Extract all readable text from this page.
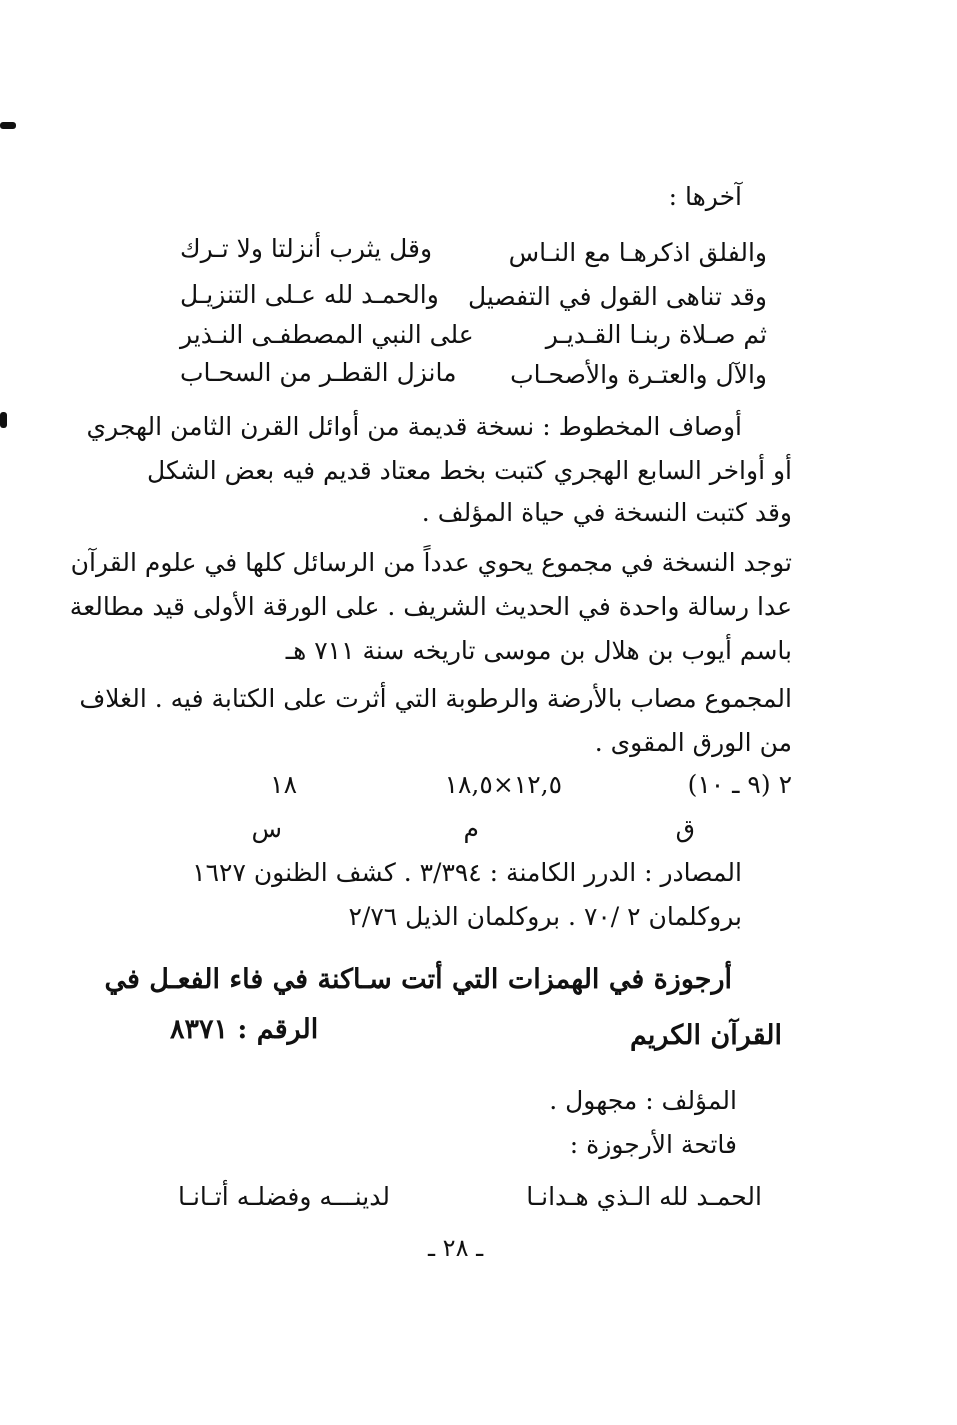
آخرها :
والفلق اذكرهـا مع النـاس
وقل يثرب أنزلتا ولا تـرك
وقد تناهى القول في التفصيل
والحمـد لله عـلى التنزيـل
ثم صـلاة ربنـا القـديـر
على النبي المصطفـى النـذير
والآل والعتـرة والأصحـاب
مانزل القطـر من السحـاب
أوصاف المخطوط : نسخة قديمة من أوائل القرن الثامن الهجري
أو أواخر السابع الهجري كتبت بخط معتاد قديم فيه بعض الشكل
وقد كتبت النسخة في حياة المؤلف .
توجد النسخة في مجموع يحوي عدداً من الرسائل كلها في علوم القرآن
عدا رسالة واحدة في الحديث الشريف . على الورقة الأولى قيد مطالعة
باسم أيوب بن هلال بن موسى تاريخه سنة ٧١١ هـ
المجموع مصاب بالأرضة والرطوبة التي أثرت على الكتابة فيه . الغلاف
من الورق المقوى .
٢ (٩ ـ ١٠)
١٢,٥×١٨,٥
١٨
ق
م
س
المصادر : الدرر الكامنة : ٣/٣٩٤ . كشف الظنون ١٦٢٧
بروكلمان ٢ /٧٠ . بروكلمان الذيل ٢/٧٦
أرجوزة في الهمزات التي أتت سـاكنة في فاء الفعـل في
القرآن الكريم
الرقم : ٨٣٧١
المؤلف : مجهول .
فاتحة الأرجوزة :
الحمـد لله الـذي هـدانـا
لدينـــه وفضلـه أتـانـا
ـ ٢٨ ـ
